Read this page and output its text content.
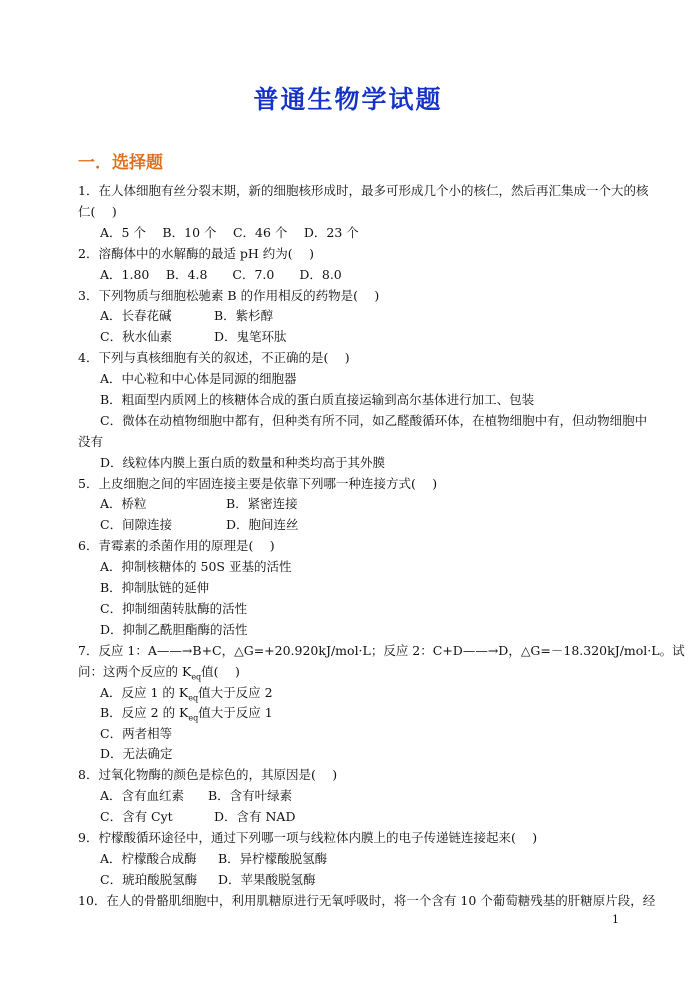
普通生物学试题
一．选择题
1．在人体细胞有丝分裂末期，新的细胞核形成时，最多可形成几个小的核仁，然后再汇集成一个大的核
仁(　 )
A．5 个　 B．10 个　 C．46 个　 D．23 个
2．溶酶体中的水解酶的最适 pH 约为(　 )
A．1.80　 B．4.8　　C．7.0　　D．8.0
3．下列物质与细胞松驰素 B 的作用相反的药物是(　 )
A．长春花碱	B．紫杉醇
C．秋水仙素	D．鬼笔环肽
4．下列与真核细胞有关的叙述，不正确的是(　 )
A．中心粒和中心体是同源的细胞器
B．粗面型内质网上的核糖体合成的蛋白质直接运输到高尔基体进行加工、包装
C．微体在动植物细胞中都有，但种类有所不同，如乙醛酸循环体，在植物细胞中有，但动物细胞中
没有
D．线粒体内膜上蛋白质的数量和种类均高于其外膜
5．上皮细胞之间的牢固连接主要是依靠下列哪一种连接方式(　 )
A．桥粒	B．紧密连接
C．间隙连接	D．胞间连丝
6．青霉素的杀菌作用的原理是(　 )
A．抑制核糖体的 50S 亚基的活性
B．抑制肽链的延伸
C．抑制细菌转肽酶的活性
D．抑制乙酰胆酯酶的活性
7．反应 1：A——→B+C，△G=+20.920kJ/mol·L；反应 2：C+D——→D，△G=－18.320kJ/mol·L。试
问：这两个反应的 $K_{eq}$值(　 )
A．反应 1 的 $K_{eq}$值大于反应 2
B．反应 2 的 $K_{eq}$值大于反应 1
C．两者相等
D．无法确定
8．过氧化物酶的颜色是棕色的，其原因是(　 )
A．含有血红素 B．含有叶绿素
C．含有 Cyt	D．含有 NAD
9．柠檬酸循环途径中，通过下列哪一项与线粒体内膜上的电子传递链连接起来(　 )
A．柠檬酸合成酶 B．异柠檬酸脱氢酶
C．琥珀酸脱氢酶 D．苹果酸脱氢酶
10．在人的骨骼肌细胞中，利用肌糖原进行无氧呼吸时，将一个含有 10 个葡萄糖残基的肝糖原片段，经
1
